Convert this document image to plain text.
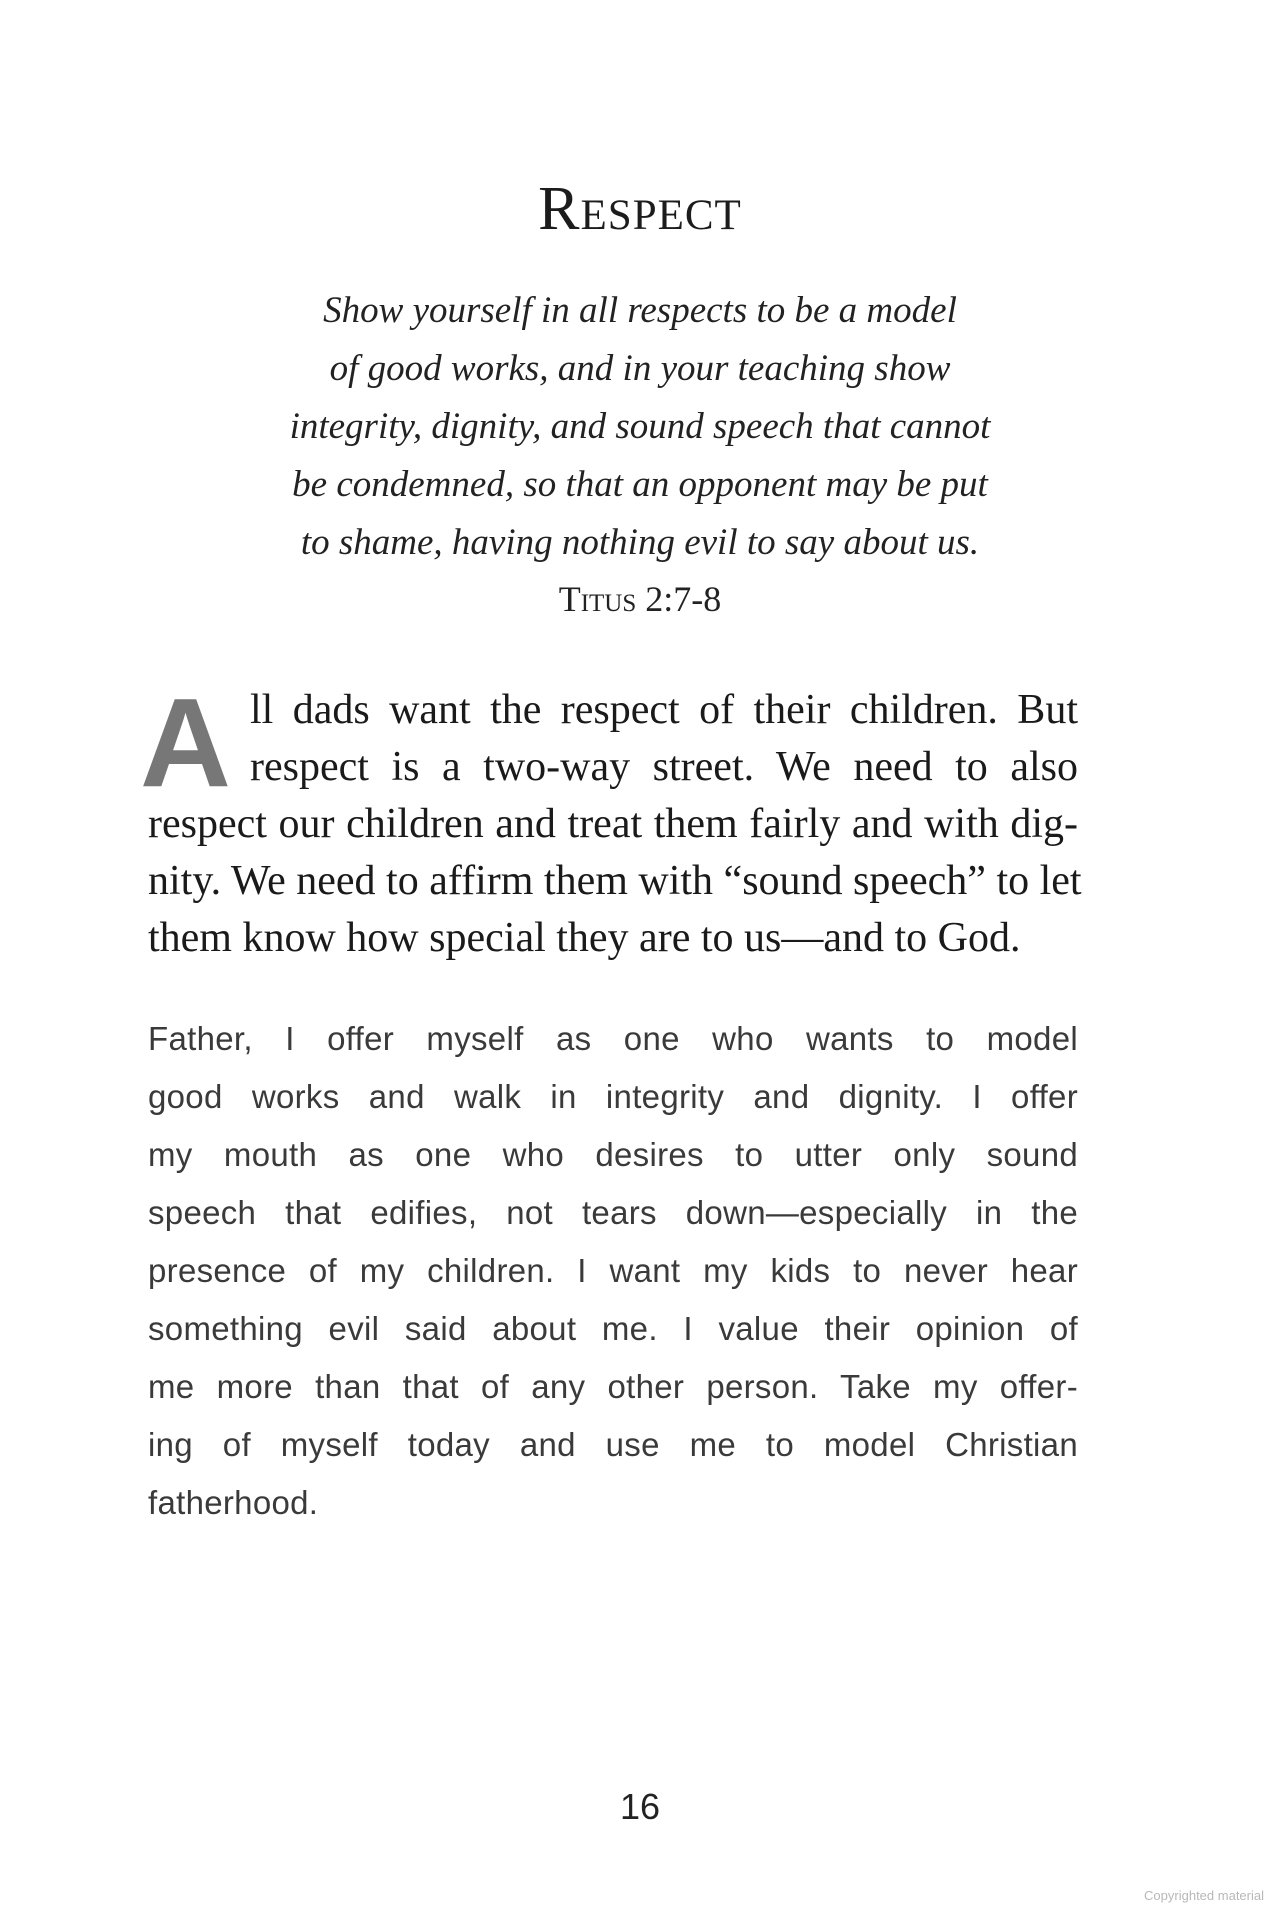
Respect
Show yourself in all respects to be a model
of good works, and in your teaching show
integrity, dignity, and sound speech that cannot
be condemned, so that an opponent may be put
to shame, having nothing evil to say about us.
Titus 2:7-8
A ll dads want the respect of their children. But
respect is a two-way street. We need to also
respect our children and treat them fairly and with dig-
nity. We need to affirm them with “sound speech” to let
them know how special they are to us—and to God.
Father, I offer myself as one who wants to model
good works and walk in integrity and dignity. I offer
my mouth as one who desires to utter only sound
speech that edifies, not tears down—especially in the
presence of my children. I want my kids to never hear
something evil said about me. I value their opinion of
me more than that of any other person. Take my offer-
ing of myself today and use me to model Christian
fatherhood.
16
Copyrighted material
